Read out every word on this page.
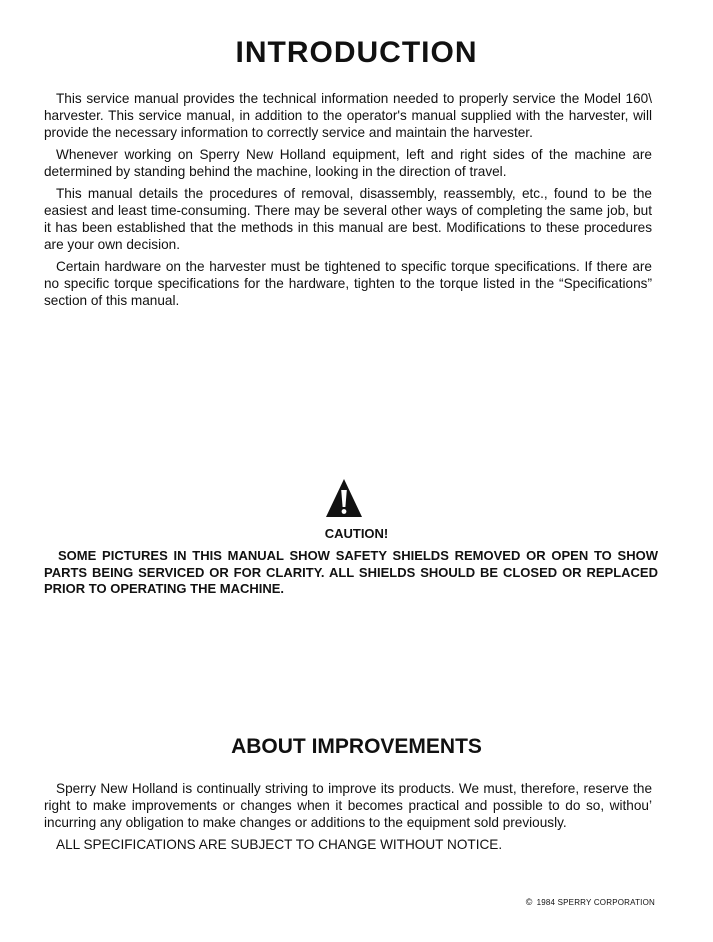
INTRODUCTION

This service manual provides the technical information needed to properly service the Model 160\ harvester. This service manual, in addition to the operator's manual supplied with the harvester, will provide the necessary information to correctly service and maintain the harvester.

Whenever working on Sperry New Holland equipment, left and right sides of the machine are determined by standing behind the machine, looking in the direction of travel.

This manual details the procedures of removal, disassembly, reassembly, etc., found to be the easiest and least time-consuming. There may be several other ways of completing the same job, but it has been established that the methods in this manual are best. Modifications to these procedures are your own decision.

Certain hardware on the harvester must be tightened to specific torque specifications. If there are no specific torque specifications for the hardware, tighten to the torque listed in the “Specifications” section of this manual.

CAUTION!

SOME PICTURES IN THIS MANUAL SHOW SAFETY SHIELDS REMOVED OR OPEN TO SHOW PARTS BEING SERVICED OR FOR CLARITY. ALL SHIELDS SHOULD BE CLOSED OR REPLACED PRIOR TO OPERATING THE MACHINE.

ABOUT IMPROVEMENTS

Sperry New Holland is continually striving to improve its products. We must, therefore, reserve the right to make improvements or changes when it becomes practical and possible to do so, withou’ incurring any obligation to make changes or additions to the equipment sold previously.

ALL SPECIFICATIONS ARE SUBJECT TO CHANGE WITHOUT NOTICE.

© 1984 SPERRY CORPORATION
